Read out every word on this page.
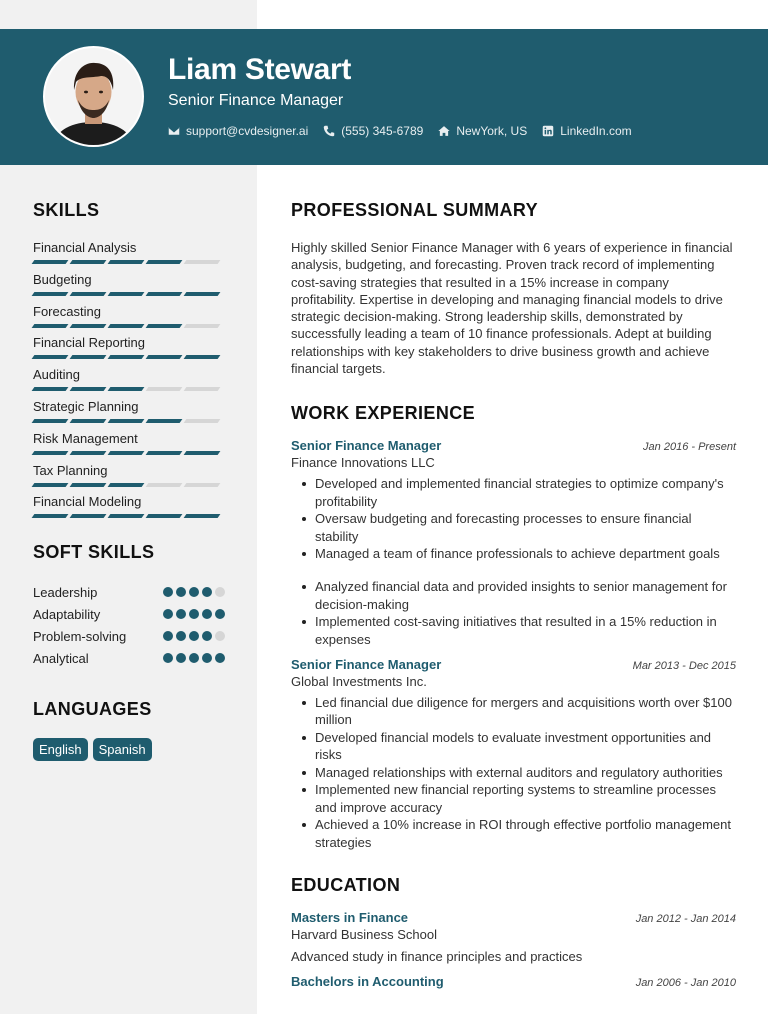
Liam Stewart
Senior Finance Manager
support@cvdesigner.ai	(555) 345-6789	NewYork, US	LinkedIn.com
SKILLS
Financial Analysis
Budgeting
Forecasting
Financial Reporting
Auditing
Strategic Planning
Risk Management
Tax Planning
Financial Modeling
SOFT SKILLS
Leadership
Adaptability
Problem-solving
Analytical
LANGUAGES
English	Spanish
PROFESSIONAL SUMMARY

Highly skilled Senior Finance Manager with 6 years of experience in financial analysis, budgeting, and forecasting. Proven track record of implementing cost-saving strategies that resulted in a 15% increase in company profitability. Expertise in developing and managing financial models to drive strategic decision-making. Strong leadership skills, demonstrated by successfully leading a team of 10 finance professionals. Adept at building relationships with key stakeholders to drive business growth and achieve financial targets.

WORK EXPERIENCE
Senior Finance Manager	Jan 2016 - Present
Finance Innovations LLC
Developed and implemented financial strategies to optimize company's profitability
Oversaw budgeting and forecasting processes to ensure financial stability
Managed a team of finance professionals to achieve department goals
Analyzed financial data and provided insights to senior management for decision-making
Implemented cost-saving initiatives that resulted in a 15% reduction in expenses
Senior Finance Manager	Mar 2013 - Dec 2015
Global Investments Inc.
Led financial due diligence for mergers and acquisitions worth over $100 million
Developed financial models to evaluate investment opportunities and risks
Managed relationships with external auditors and regulatory authorities
Implemented new financial reporting systems to streamline processes and improve accuracy
Achieved a 10% increase in ROI through effective portfolio management strategies
EDUCATION
Masters in Finance	Jan 2012 - Jan 2014
Harvard Business School
Advanced study in finance principles and practices
Bachelors in Accounting	Jan 2006 - Jan 2010
